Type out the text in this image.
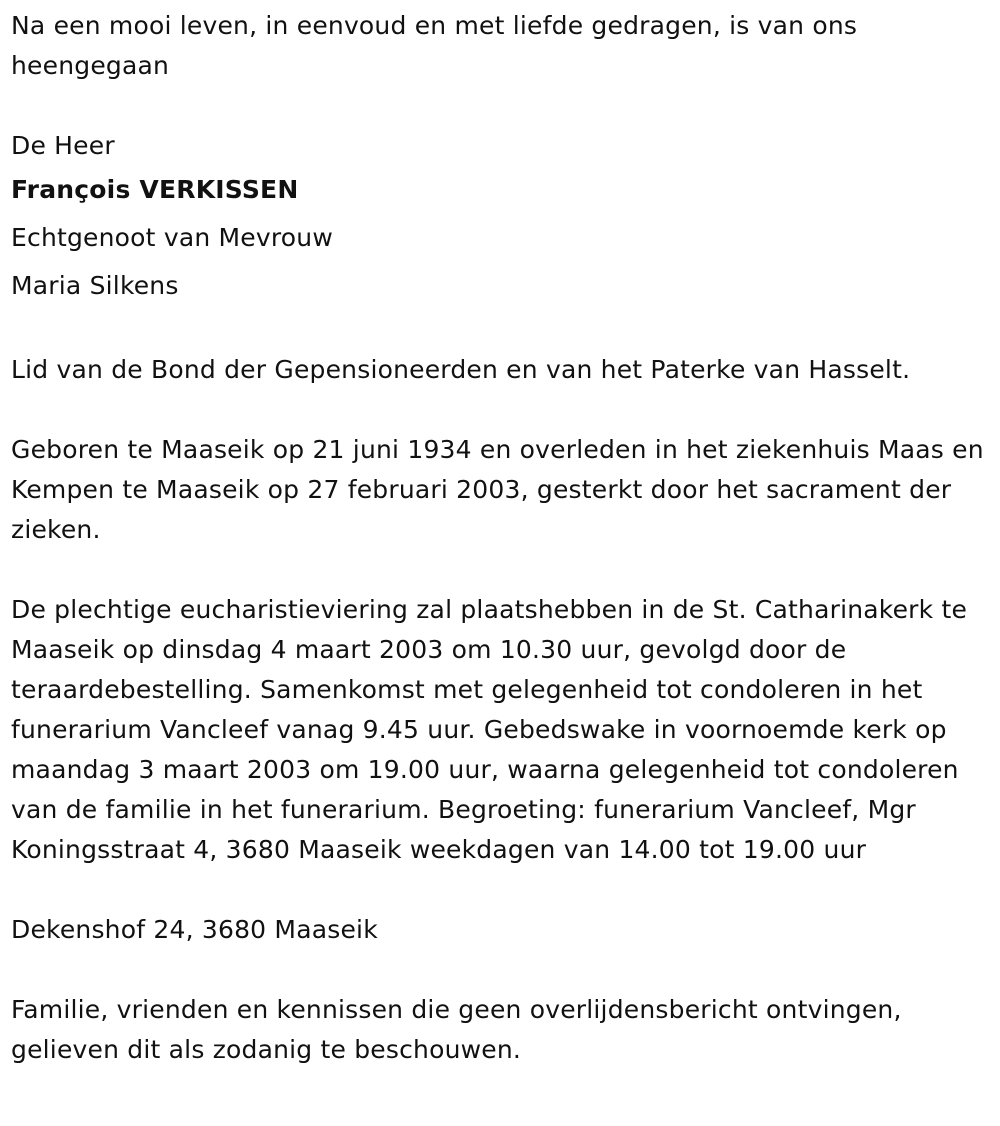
Na een mooi leven, in eenvoud en met liefde gedragen, is van ons heengegaan

De Heer

François VERKISSEN

Echtgenoot van Mevrouw

Maria Silkens

Lid van de Bond der Gepensioneerden en van het Paterke van Hasselt.

Geboren te Maaseik op 21 juni 1934 en overleden in het ziekenhuis Maas en Kempen te Maaseik op 27 februari 2003, gesterkt door het sacrament der zieken.

De plechtige eucharistieviering zal plaatshebben in de St. Catharinakerk te Maaseik op dinsdag 4 maart 2003 om 10.30 uur, gevolgd door de teraardebestelling. Samenkomst met gelegenheid tot condoleren in het funerarium Vancleef vanag 9.45 uur. Gebedswake in voornoemde kerk op maandag 3 maart 2003 om 19.00 uur, waarna gelegenheid tot condoleren van de familie in het funerarium. Begroeting: funerarium Vancleef, Mgr Koningsstraat 4, 3680 Maaseik weekdagen van 14.00 tot 19.00 uur

Dekenshof 24, 3680 Maaseik

Familie, vrienden en kennissen die geen overlijdensbericht ontvingen, gelieven dit als zodanig te beschouwen.
